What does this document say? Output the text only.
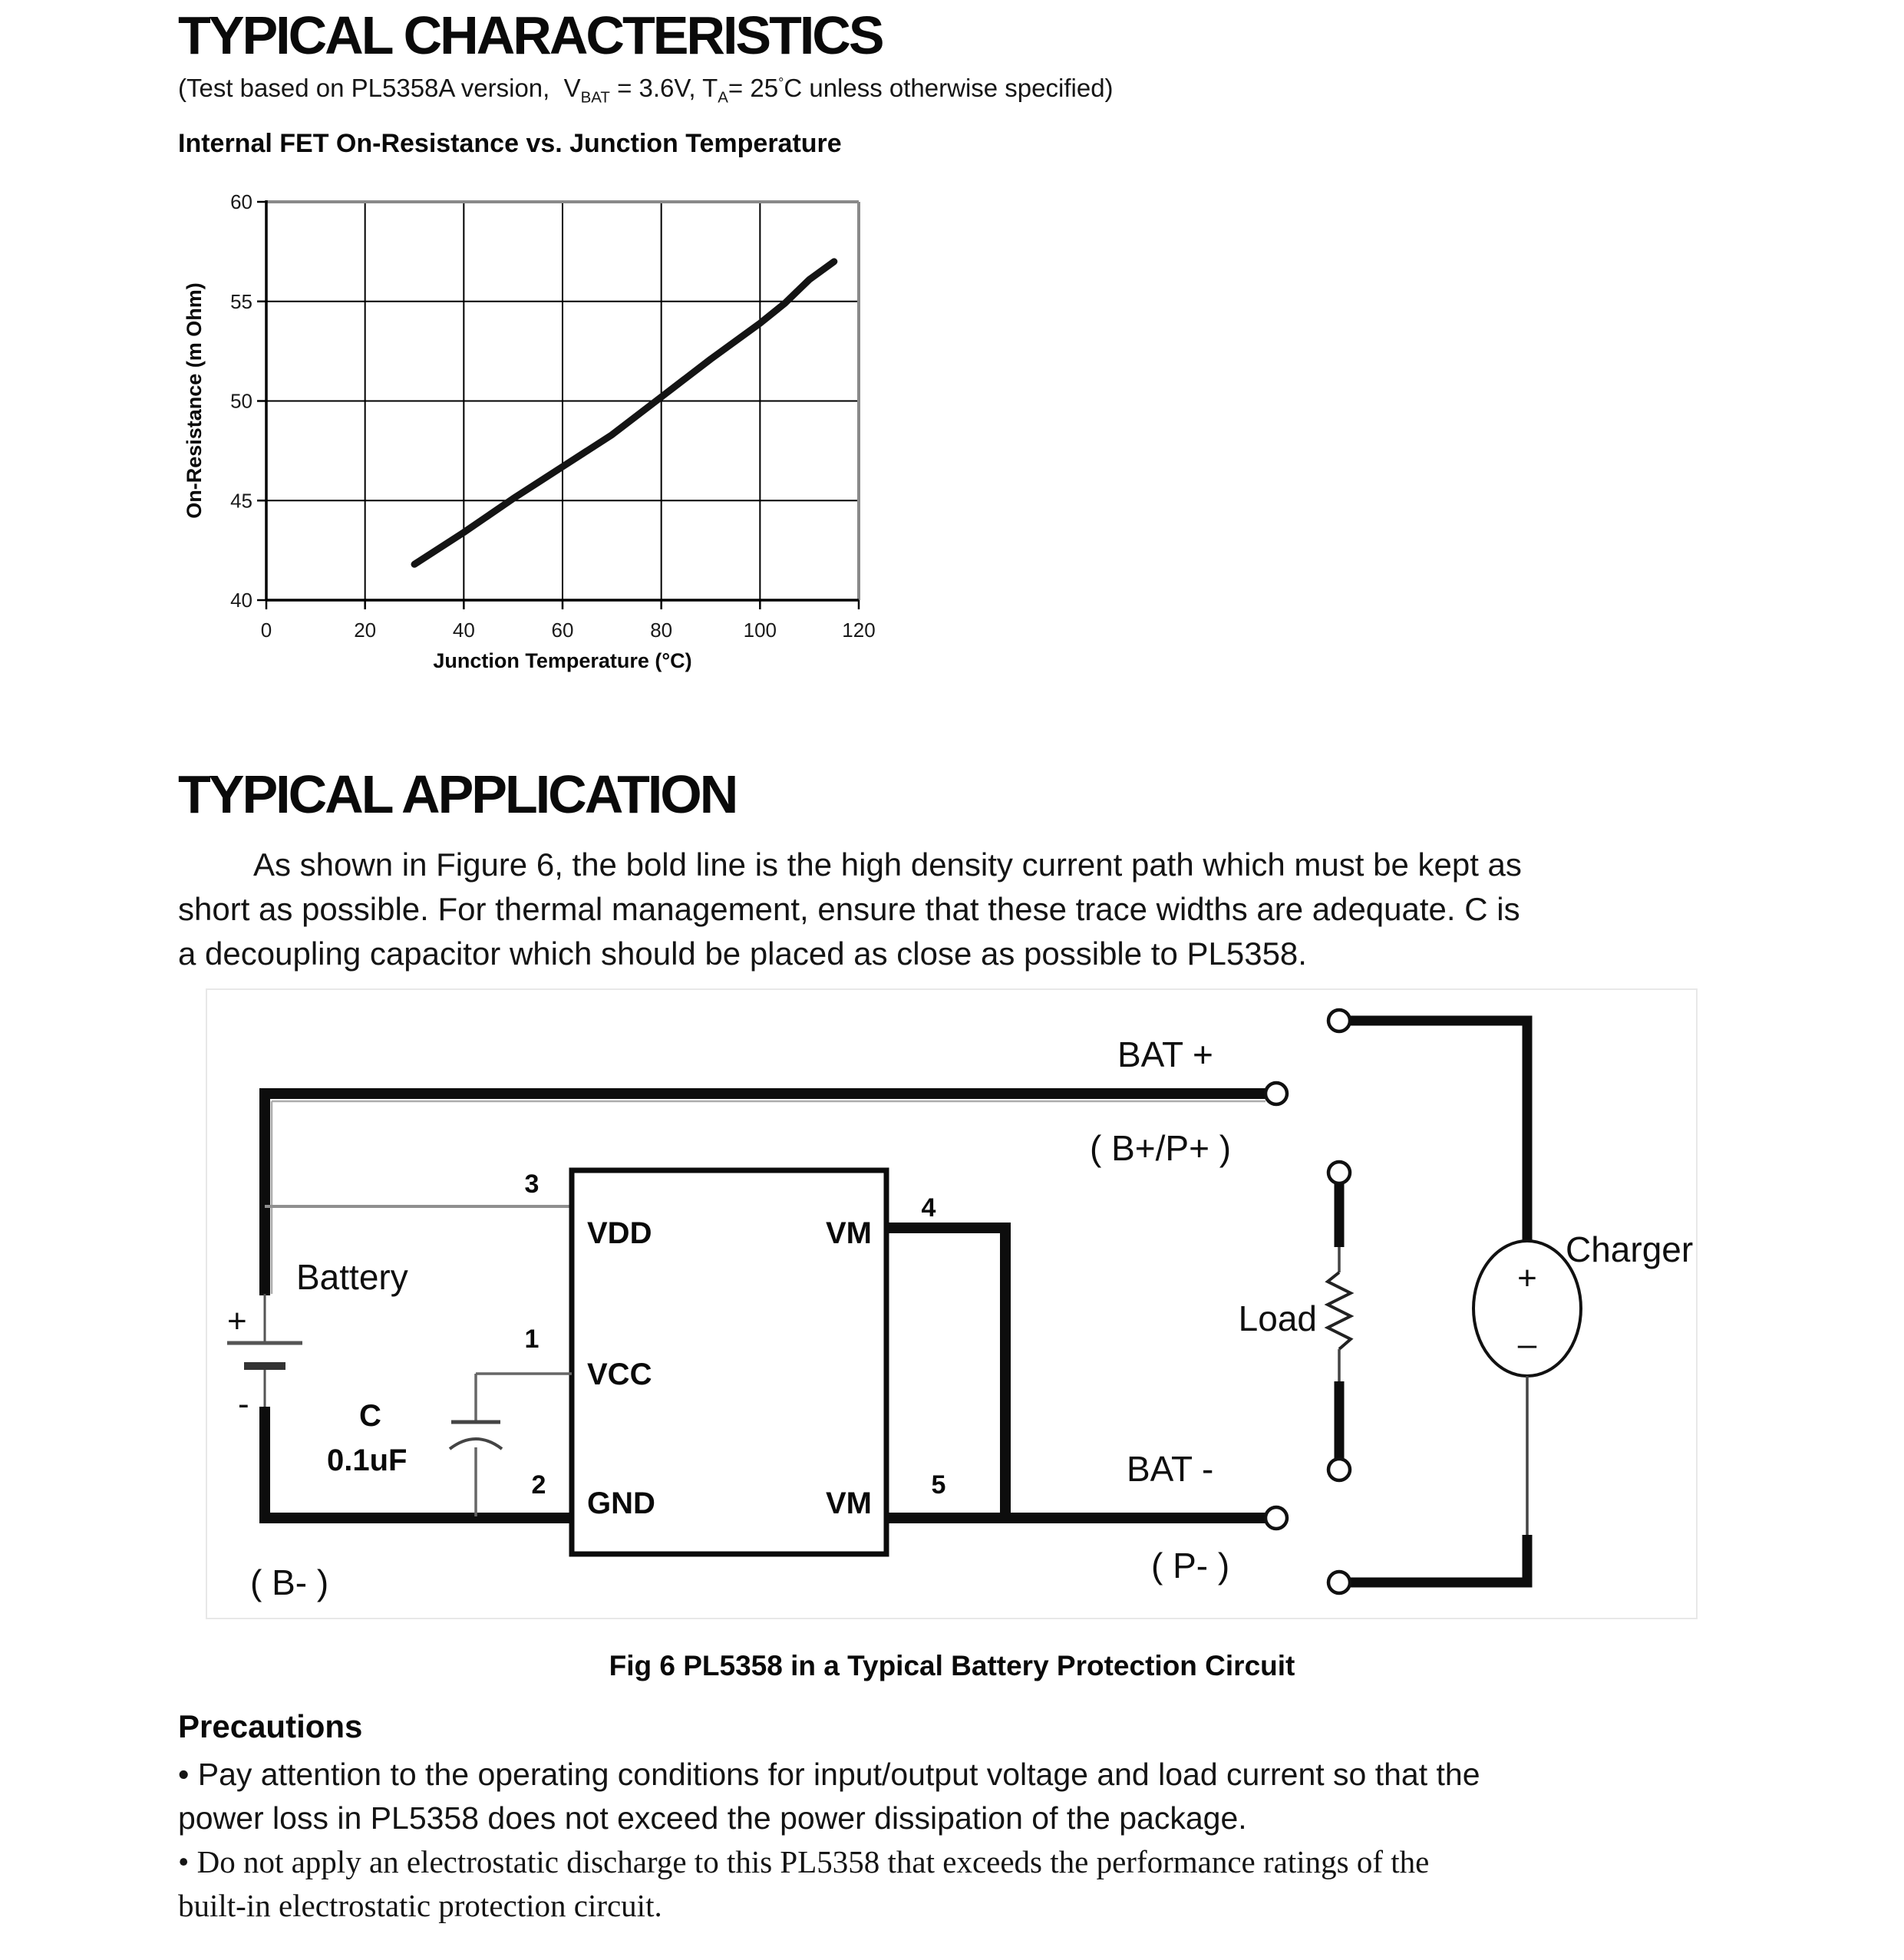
TYPICAL CHARACTERISTICS
(Test based on PL5358A version,  $V_{BAT} = 3.6V$, $T_A= 25^\circ C$ unless otherwise specified)
Internal FET On-Resistance vs. Junction Temperature
0	20	40	60	80	100	120
40
45
50
55
60
Junction Temperature (°C)
On-Resistance (m Ohm)
TYPICAL APPLICATION
As shown in Figure 6, the bold line is the high density current path which must be kept as
short as possible. For thermal management, ensure that these trace widths are adequate. C is
a decoupling capacitor which should be placed as close as possible to PL5358.
+
-
Battery
( B- )
3
VDD	VM
VCC
GND	VM
1
C
0.1uF
2
4
5	BAT -
( P- )
BAT +
( B+/P+ )
Load
+
–
Charger
Fig 6 PL5358 in a Typical Battery Protection Circuit
Precautions
• Pay attention to the operating conditions for input/output voltage and load current so that the
power loss in PL5358 does not exceed the power dissipation of the package.
• Do not apply an electrostatic discharge to this PL5358 that exceeds the performance ratings of the
built-in electrostatic protection circuit.
